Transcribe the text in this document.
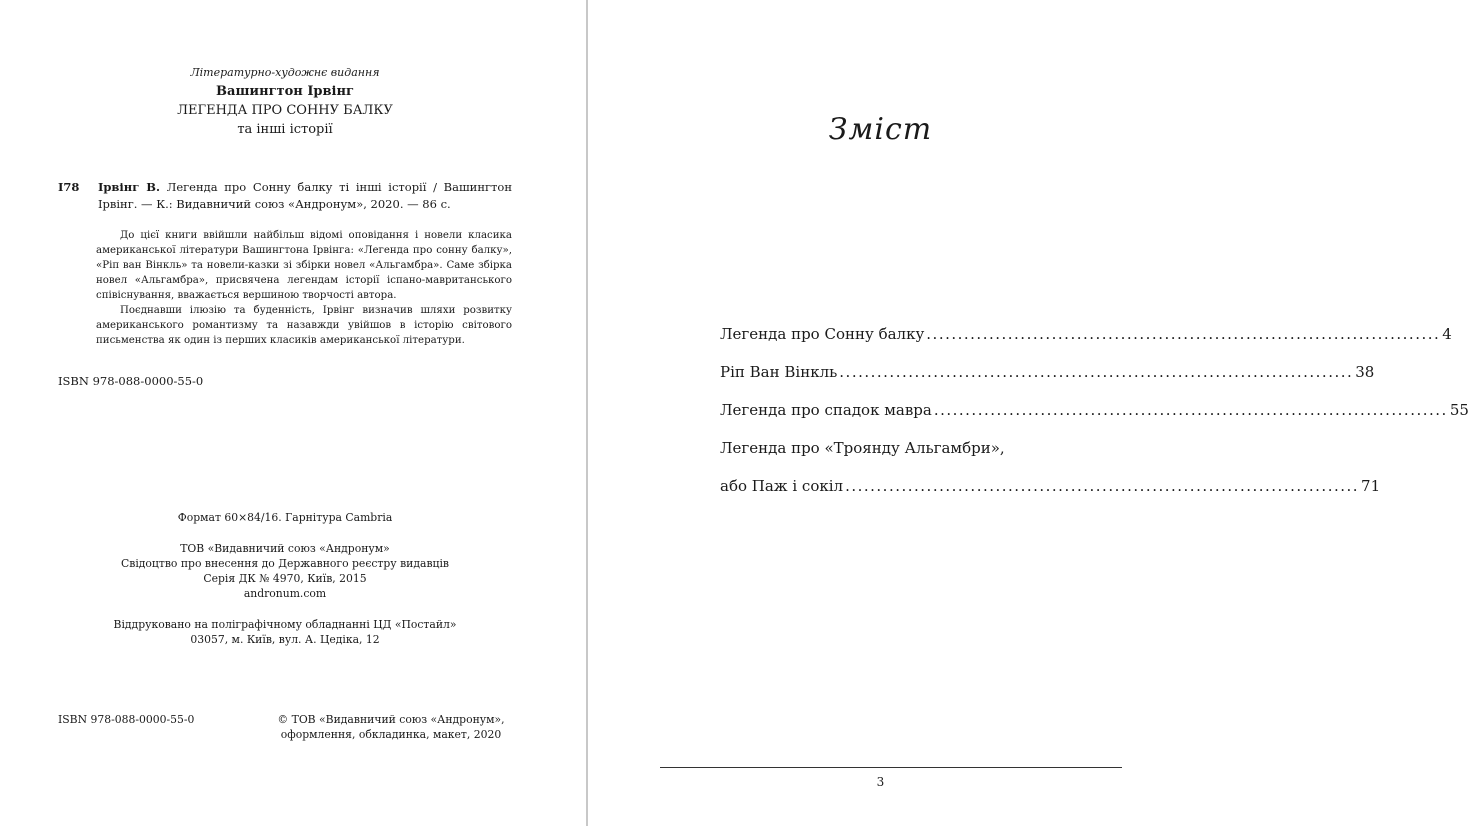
Літературно-художнє видання
Вашингтон Ірвінг
ЛЕГЕНДА ПРО СОННУ БАЛКУ
та інші історії
І78 Ірвінг В. Легенда про Сонну балку ті інші історії / Вашингтон Ірвінг. — К.: Видавничий союз «Андронум», 2020. — 86 с.

До цієї книги ввійшли найбільш відомі оповідання і новели класика американської літератури Вашингтона Ірвінга: «Легенда про сонну балку», «Ріп ван Вінкль» та новели-казки зі збірки новел «Альгамбра». Саме збірка новел «Альгамбра», присвячена легендам історії іспано-мавританського співіснування, вважається вершиною творчості автора.

Поєднавши ілюзію та буденність, Ірвінг визначив шляхи розвитку американського романтизму та назавжди увійшов в історію світового письменства як один із перших класиків американської літератури.

ISBN 978-088-0000-55-0
Формат 60×84/16. Гарнітура Cambria
ТОВ «Видавничий союз «Андронум»
Свідоцтво про внесення до Державного реєстру видавців
Серія ДК № 4970, Київ, 2015
andronum.com
Віддруковано на поліграфічному обладнанні ЦД «Постайл»
03057, м. Київ, вул. А. Цедіка, 12
ISBN 978-088-0000-55-0	© ТОВ «Видавничий союз «Андронум»,
оформлення, обкладинка, макет, 2020
Зміст
Легенда про Сонну балку .................................................................................. 4
Ріп Ван Вінкль .................................................................................. 38
Легенда про спадок мавра .................................................................................. 55
Легенда про «Троянду Альгамбри»,
або Паж і сокіл .................................................................................. 71
3
